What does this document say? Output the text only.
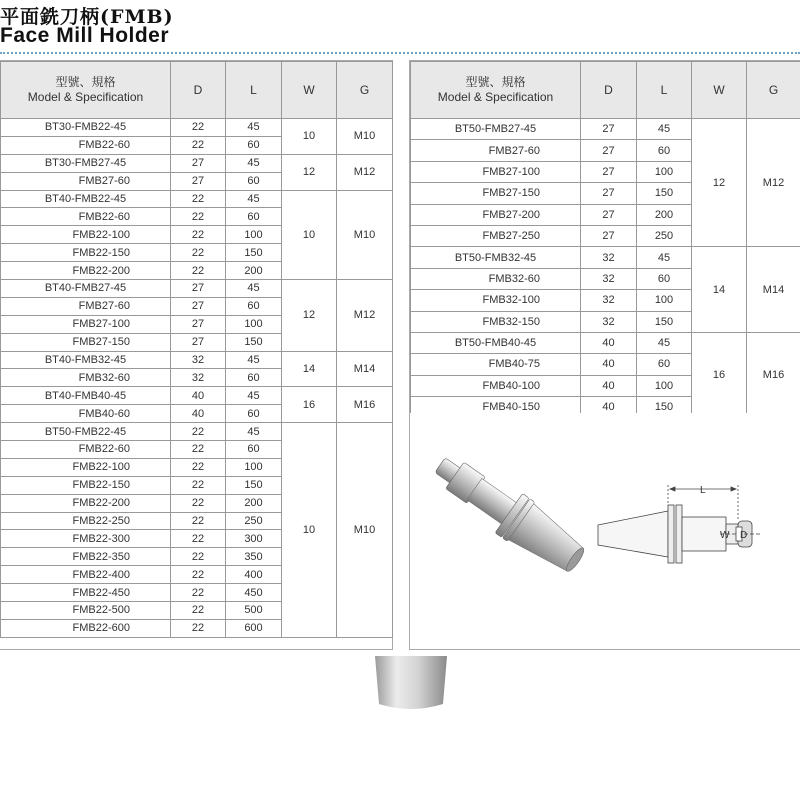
平面銑刀柄(FMB)
Face Mill Holder
型號、規格
Model & Specification	D	L	W	G
BT30-FMB22-45	22	45	10	M10
FMB22-60	22	60		
BT30-FMB27-45	27	45	12	M12
FMB27-60	27	60		
BT40-FMB22-45	22	45	10	M10
FMB22-60	22	60		
FMB22-100	22	100		
FMB22-150	22	150		
FMB22-200	22	200		
BT40-FMB27-45	27	45	12	M12
FMB27-60	27	60		
FMB27-100	27	100		
FMB27-150	27	150		
BT40-FMB32-45	32	45	14	M14
FMB32-60	32	60		
BT40-FMB40-45	40	45	16	M16
FMB40-60	40	60		
BT50-FMB22-45	22	45	10	M10
FMB22-60	22	60		
FMB22-100	22	100		
FMB22-150	22	150		
FMB22-200	22	200		
FMB22-250	22	250		
FMB22-300	22	300		
FMB22-350	22	350		
FMB22-400	22	400		
FMB22-450	22	450		
FMB22-500	22	500		
FMB22-600	22	600		
型號、規格
Model & Specification	D	L	W	G
BT50-FMB27-45	27	45	12	M12
FMB27-60	27	60		
FMB27-100	27	100		
FMB27-150	27	150		
FMB27-200	27	200		
FMB27-250	27	250		
BT50-FMB32-45	32	45	14	M14
FMB32-60	32	60		
FMB32-100	32	100		
FMB32-150	32	150		
BT50-FMB40-45	40	45	16	M16
FMB40-75	40	60		
FMB40-100	40	100		
FMB40-150	40	150		
L
W D
